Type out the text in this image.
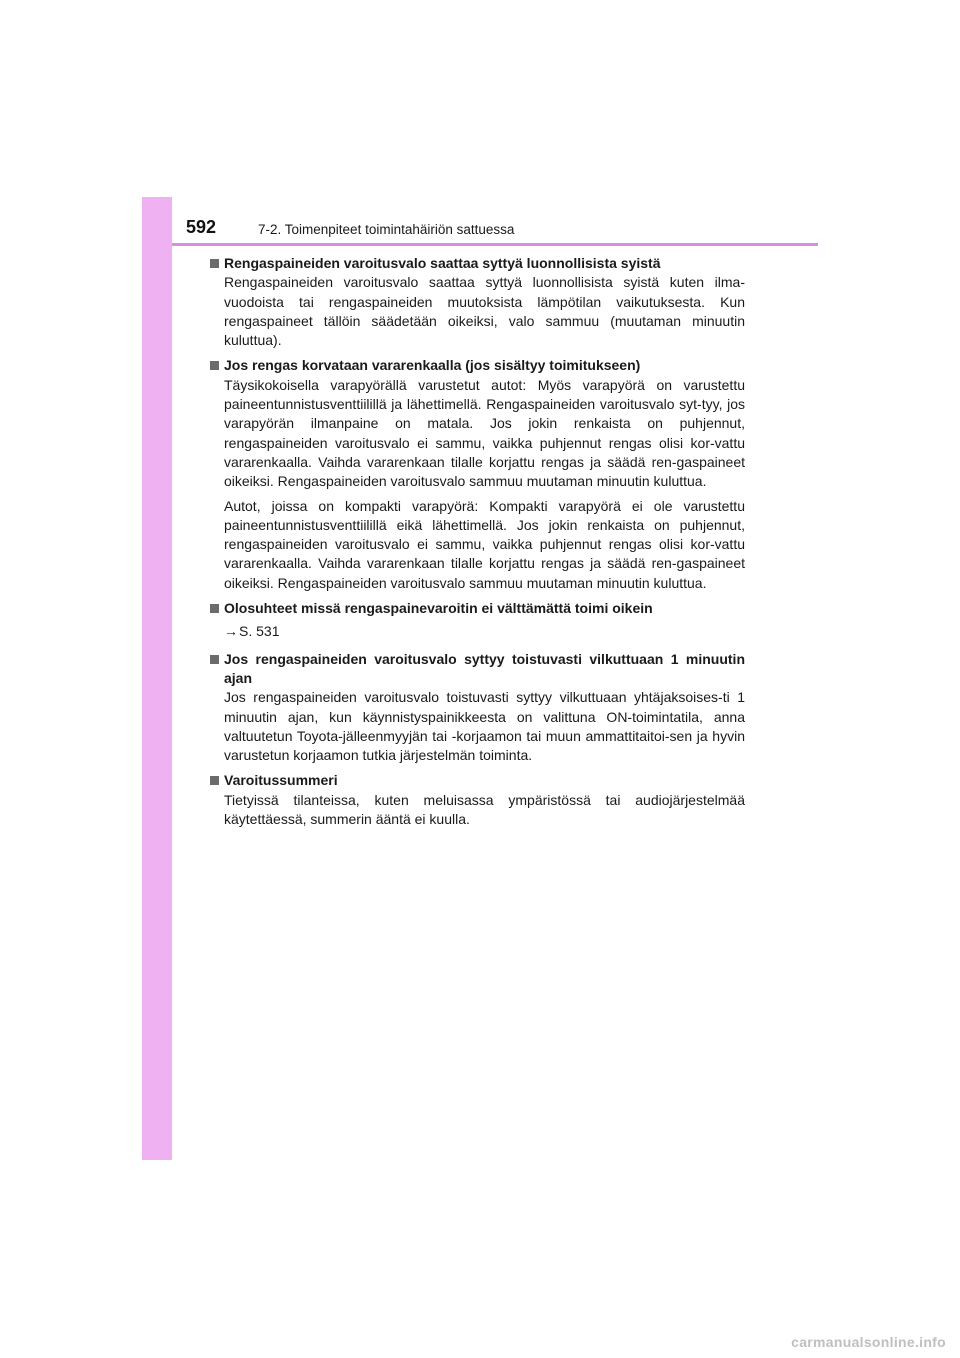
592	7-2. Toimenpiteet toimintahäiriön sattuessa
Rengaspaineiden varoitusvalo saattaa syttyä luonnollisista syistä
Rengaspaineiden varoitusvalo saattaa syttyä luonnollisista syistä kuten ilma-vuodoista tai rengaspaineiden muutoksista lämpötilan vaikutuksesta. Kun rengaspaineet tällöin säädetään oikeiksi, valo sammuu (muutaman minuutin kuluttua).
Jos rengas korvataan vararenkaalla (jos sisältyy toimitukseen)
Täysikokoisella varapyörällä varustetut autot: Myös varapyörä on varustettu paineentunnistusventtiilillä ja lähettimellä. Rengaspaineiden varoitusvalo syt-tyy, jos varapyörän ilmanpaine on matala. Jos jokin renkaista on puhjennut, rengaspaineiden varoitusvalo ei sammu, vaikka puhjennut rengas olisi kor-vattu vararenkaalla. Vaihda vararenkaan tilalle korjattu rengas ja säädä ren-gaspaineet oikeiksi. Rengaspaineiden varoitusvalo sammuu muutaman minuutin kuluttua.
Autot, joissa on kompakti varapyörä: Kompakti varapyörä ei ole varustettu paineentunnistusventtiilillä eikä lähettimellä. Jos jokin renkaista on puhjennut, rengaspaineiden varoitusvalo ei sammu, vaikka puhjennut rengas olisi kor-vattu vararenkaalla. Vaihda vararenkaan tilalle korjattu rengas ja säädä ren-gaspaineet oikeiksi. Rengaspaineiden varoitusvalo sammuu muutaman minuutin kuluttua.
Olosuhteet missä rengaspainevaroitin ei välttämättä toimi oikein
→S. 531
Jos rengaspaineiden varoitusvalo syttyy toistuvasti vilkuttuaan 1 minuutin ajan
Jos rengaspaineiden varoitusvalo toistuvasti syttyy vilkuttuaan yhtäjaksoises-ti 1 minuutin ajan, kun käynnistyspainikkeesta on valittuna ON-toimintatila, anna valtuutetun Toyota-jälleenmyyjän tai -korjaamon tai muun ammattitaitoi-sen ja hyvin varustetun korjaamon tutkia järjestelmän toiminta.
Varoitussummeri
Tietyissä tilanteissa, kuten meluisassa ympäristössä tai audiojärjestelmää käytettäessä, summerin ääntä ei kuulla.
carmanualsonline.info
